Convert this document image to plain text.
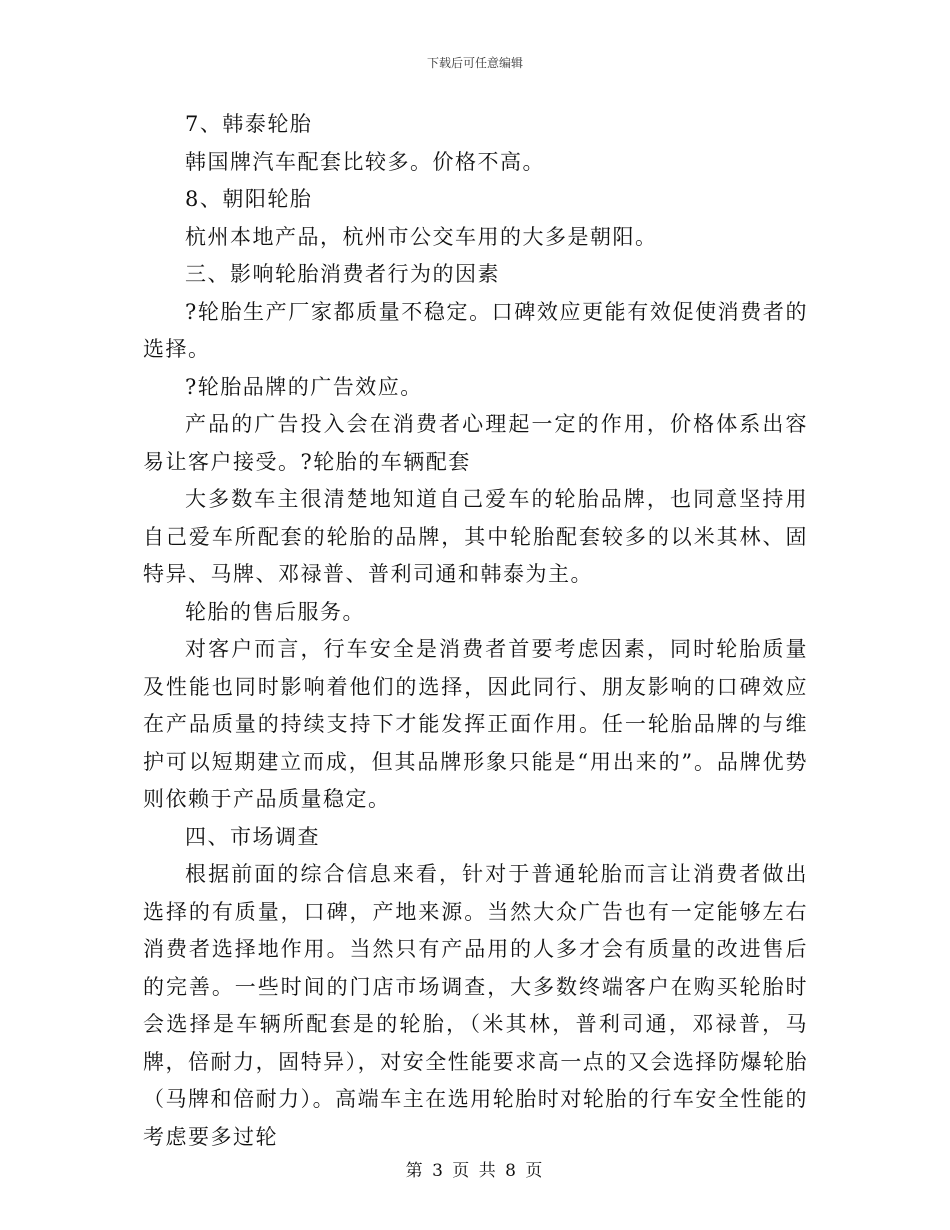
下载后可任意编辑

7、韩泰轮胎

韩国牌汽车配套比较多。价格不高。

8、朝阳轮胎

杭州本地产品，杭州市公交车用的大多是朝阳。

三、影响轮胎消费者行为的因素

?轮胎生产厂家都质量不稳定。口碑效应更能有效促使消费者的选择。

?轮胎品牌的广告效应。

产品的广告投入会在消费者心理起一定的作用，价格体系出容易让客户接受。?轮胎的车辆配套

大多数车主很清楚地知道自己爱车的轮胎品牌，也同意坚持用自己爱车所配套的轮胎的品牌，其中轮胎配套较多的以米其林、固特异、马牌、邓禄普、普利司通和韩泰为主。

轮胎的售后服务。

对客户而言，行车安全是消费者首要考虑因素，同时轮胎质量及性能也同时影响着他们的选择，因此同行、朋友影响的口碑效应在产品质量的持续支持下才能发挥正面作用。任一轮胎品牌的与维护可以短期建立而成，但其品牌形象只能是“用出来的”。品牌优势则依赖于产品质量稳定。

四、市场调查

根据前面的综合信息来看，针对于普通轮胎而言让消费者做出选择的有质量，口碑，产地来源。当然大众广告也有一定能够左右消费者选择地作用。当然只有产品用的人多才会有质量的改进售后的完善。一些时间的门店市场调查，大多数终端客户在购买轮胎时会选择是车辆所配套是的轮胎，（米其林，普利司通，邓禄普，马牌，倍耐力，固特异），对安全性能要求高一点的又会选择防爆轮胎（马牌和倍耐力）。高端车主在选用轮胎时对轮胎的行车安全性能的考虑要多过轮

第 3 页 共 8 页
